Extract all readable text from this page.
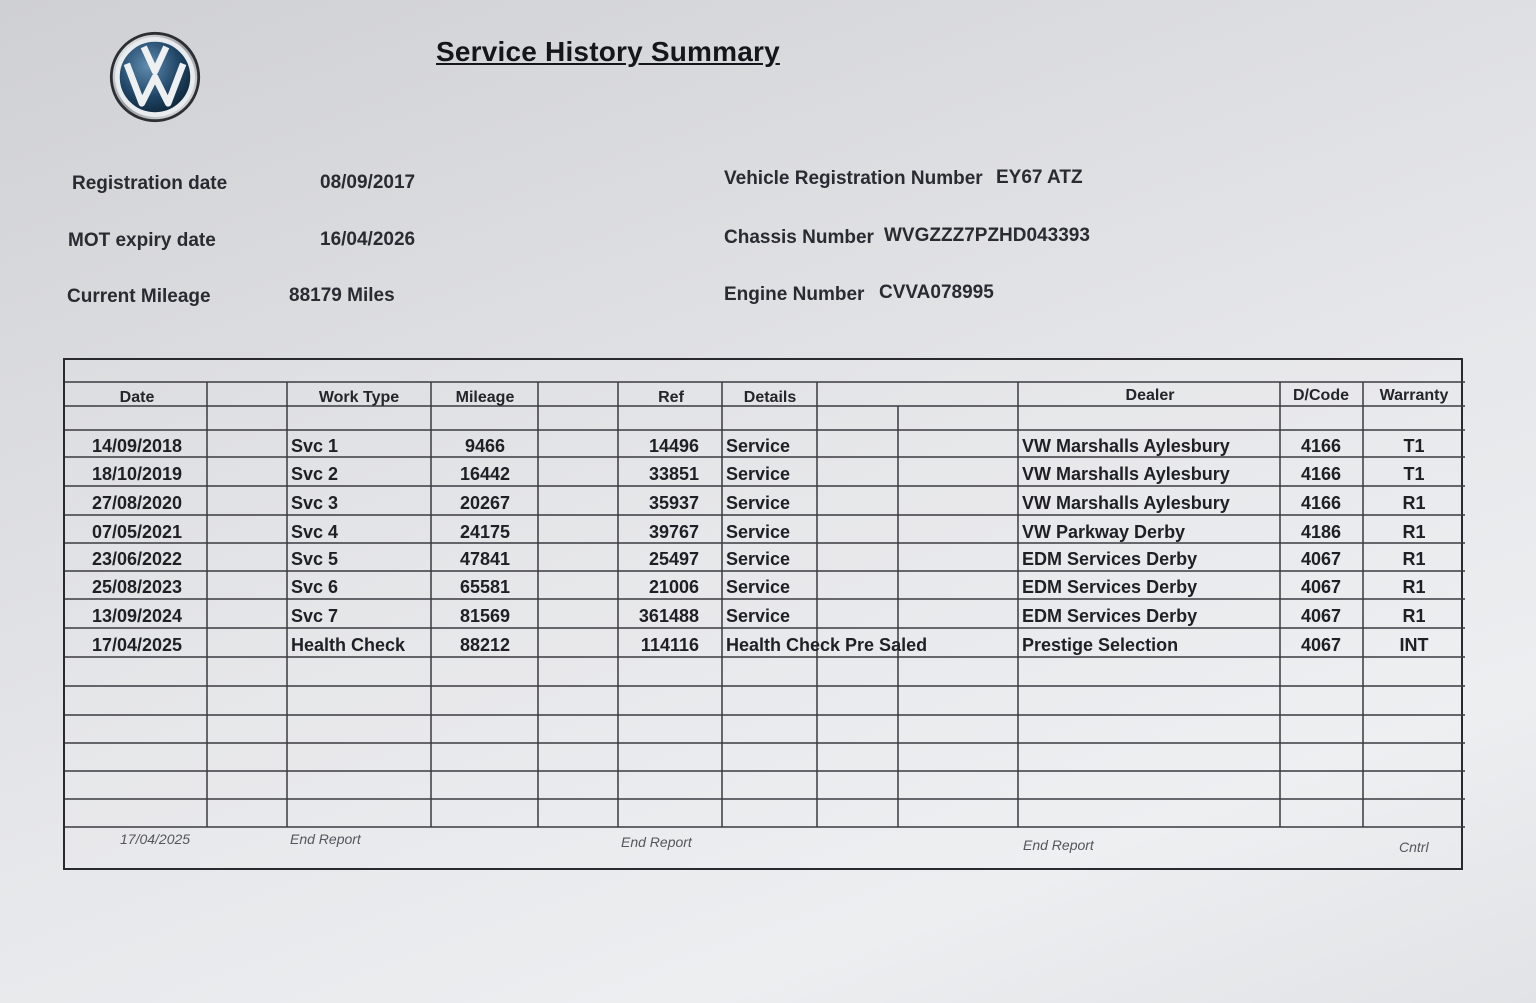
Service History Summary
Registration date	08/09/2017
MOT expiry date	16/04/2026
Current Mileage	88179 Miles
Vehicle Registration Number EY67 ATZ
Chassis Number WVGZZZ7PZHD043393
Engine Number CVVA078995
Date	Work Type	Mileage	Ref	Details	Dealer	D/Code Warranty
14/09/2018	Svc 1	9466	14496 Service	VW Marshalls Aylesbury	4166	T1
18/10/2019	Svc 2	16442	33851 Service	VW Marshalls Aylesbury	4166	T1
27/08/2020	Svc 3	20267	35937 Service	VW Marshalls Aylesbury	4166	R1
07/05/2021	Svc 4	24175	39767 Service	VW Parkway Derby	4186	R1
23/06/2022	Svc 5	47841	25497 Service	EDM Services Derby	4067	R1
25/08/2023	Svc 6	65581	21006 Service	EDM Services Derby	4067	R1
13/09/2024	Svc 7	81569	361488 Service	EDM Services Derby	4067	R1
17/04/2025	Health Check	88212	114116 Health Check Pre Saled	Prestige Selection	4067	INT
17/04/2025	End Report	End Report	End Report	Cntrl
